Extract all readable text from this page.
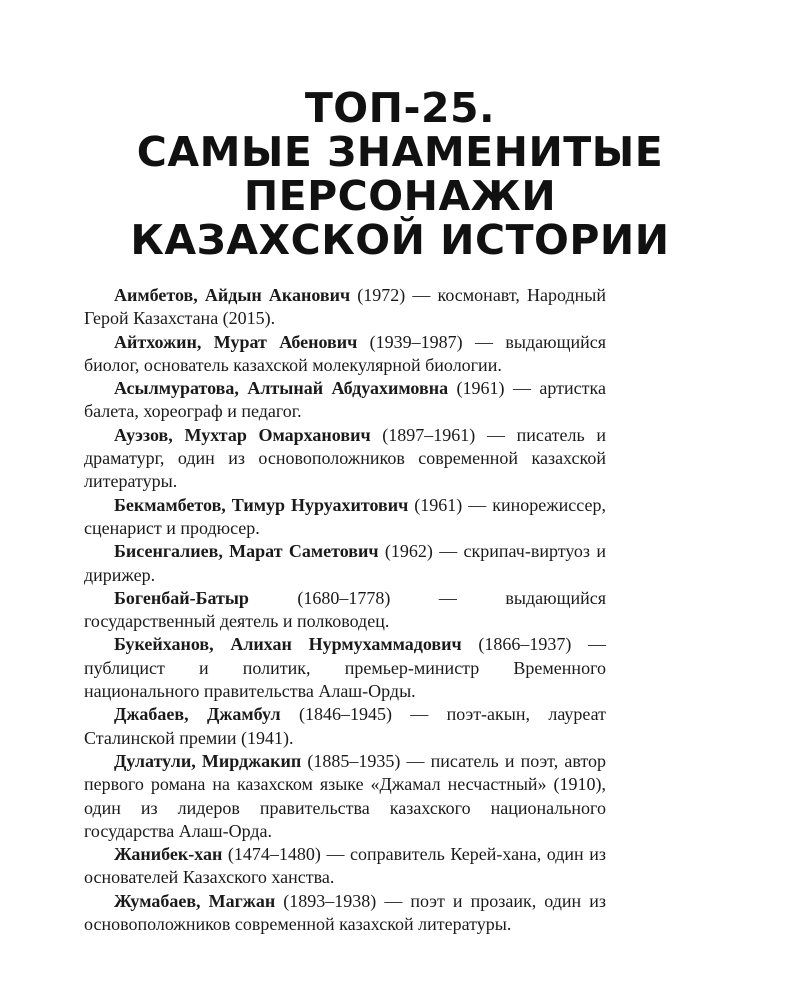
ТОП-25.
САМЫЕ ЗНАМЕНИТЫЕ
ПЕРСОНАЖИ
КАЗАХСКОЙ ИСТОРИИ

Аимбетов, Айдын Аканович (1972) — космонавт, Народный Герой Казахстана (2015).

Айтхожин, Мурат Абенович (1939–1987) — выдающийся биолог, основатель казахской молекулярной биологии.

Асылмуратова, Алтынай Абдуахимовна (1961) — артистка балета, хореограф и педагог.

Ауэзов, Мухтар Омарханович (1897–1961) — писатель и драматург, один из основоположников современной казахской литературы.

Бекмамбетов, Тимур Нуруахитович (1961) — кинорежиссер, сценарист и продюсер.

Бисенгалиев, Марат Саметович (1962) — скрипач-виртуоз и дирижер.

Богенбай-Батыр (1680–1778) — выдающийся государственный деятель и полководец.

Букейханов, Алихан Нурмухаммадович (1866–1937) — публицист и политик, премьер-министр Временного национального правительства Алаш-Орды.

Джабаев, Джамбул (1846–1945) — поэт-акын, лауреат Сталинской премии (1941).

Дулатули, Мирджакип (1885–1935) — писатель и поэт, автор первого романа на казахском языке «Джамал несчастный» (1910), один из лидеров правительства казахского национального государства Алаш-Орда.

Жанибек-хан (1474–1480) — соправитель Керей-хана, один из основателей Казахского ханства.

Жумабаев, Магжан (1893–1938) — поэт и прозаик, один из основоположников современной казахской литературы.
